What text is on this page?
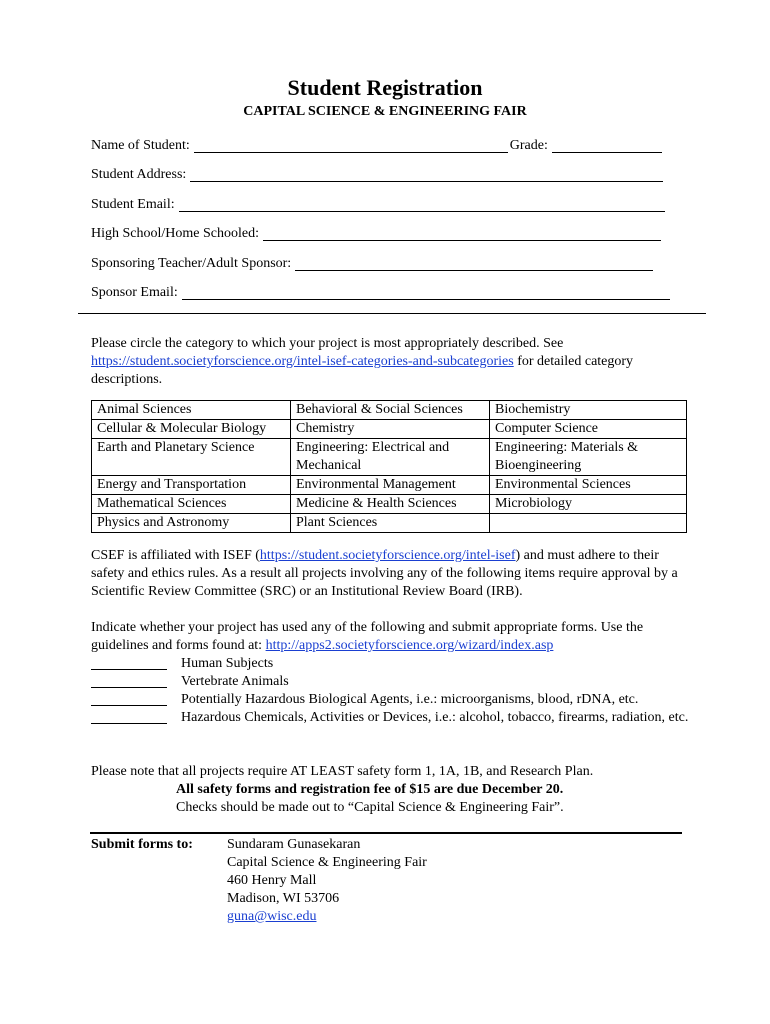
Student Registration
CAPITAL SCIENCE & ENGINEERING FAIR
Name of Student:	Grade:
Student Address:
Student Email:
High School/Home Schooled:
Sponsoring Teacher/Adult Sponsor:
Sponsor Email:
Please circle the category to which your project is most appropriately described. See https://student.societyforscience.org/intel-isef-categories-and-subcategories for detailed category descriptions.
Animal Sciences	Behavioral & Social Sciences	Biochemistry
Cellular & Molecular Biology	Chemistry	Computer Science
Earth and Planetary Science	Engineering: Electrical and Mechanical	Engineering: Materials & Bioengineering
Energy and Transportation	Environmental Management	Environmental Sciences
Mathematical Sciences	Medicine & Health Sciences	Microbiology
Physics and Astronomy	Plant Sciences	
CSEF is affiliated with ISEF (https://student.societyforscience.org/intel-isef) and must adhere to their safety and ethics rules. As a result all projects involving any of the following items require approval by a Scientific Review Committee (SRC) or an Institutional Review Board (IRB).
Indicate whether your project has used any of the following and submit appropriate forms. Use the guidelines and forms found at: http://apps2.societyforscience.org/wizard/index.asp
Human Subjects
Vertebrate Animals
Potentially Hazardous Biological Agents, i.e.: microorganisms, blood, rDNA, etc.
Hazardous Chemicals, Activities or Devices, i.e.: alcohol, tobacco, firearms, radiation, etc.
Please note that all projects require AT LEAST safety form 1, 1A, 1B, and Research Plan.
All safety forms and registration fee of $15 are due December 20.
Checks should be made out to “Capital Science & Engineering Fair”.
Submit forms to: Sundaram Gunasekaran
Capital Science & Engineering Fair
460 Henry Mall
Madison, WI 53706
guna@wisc.edu
